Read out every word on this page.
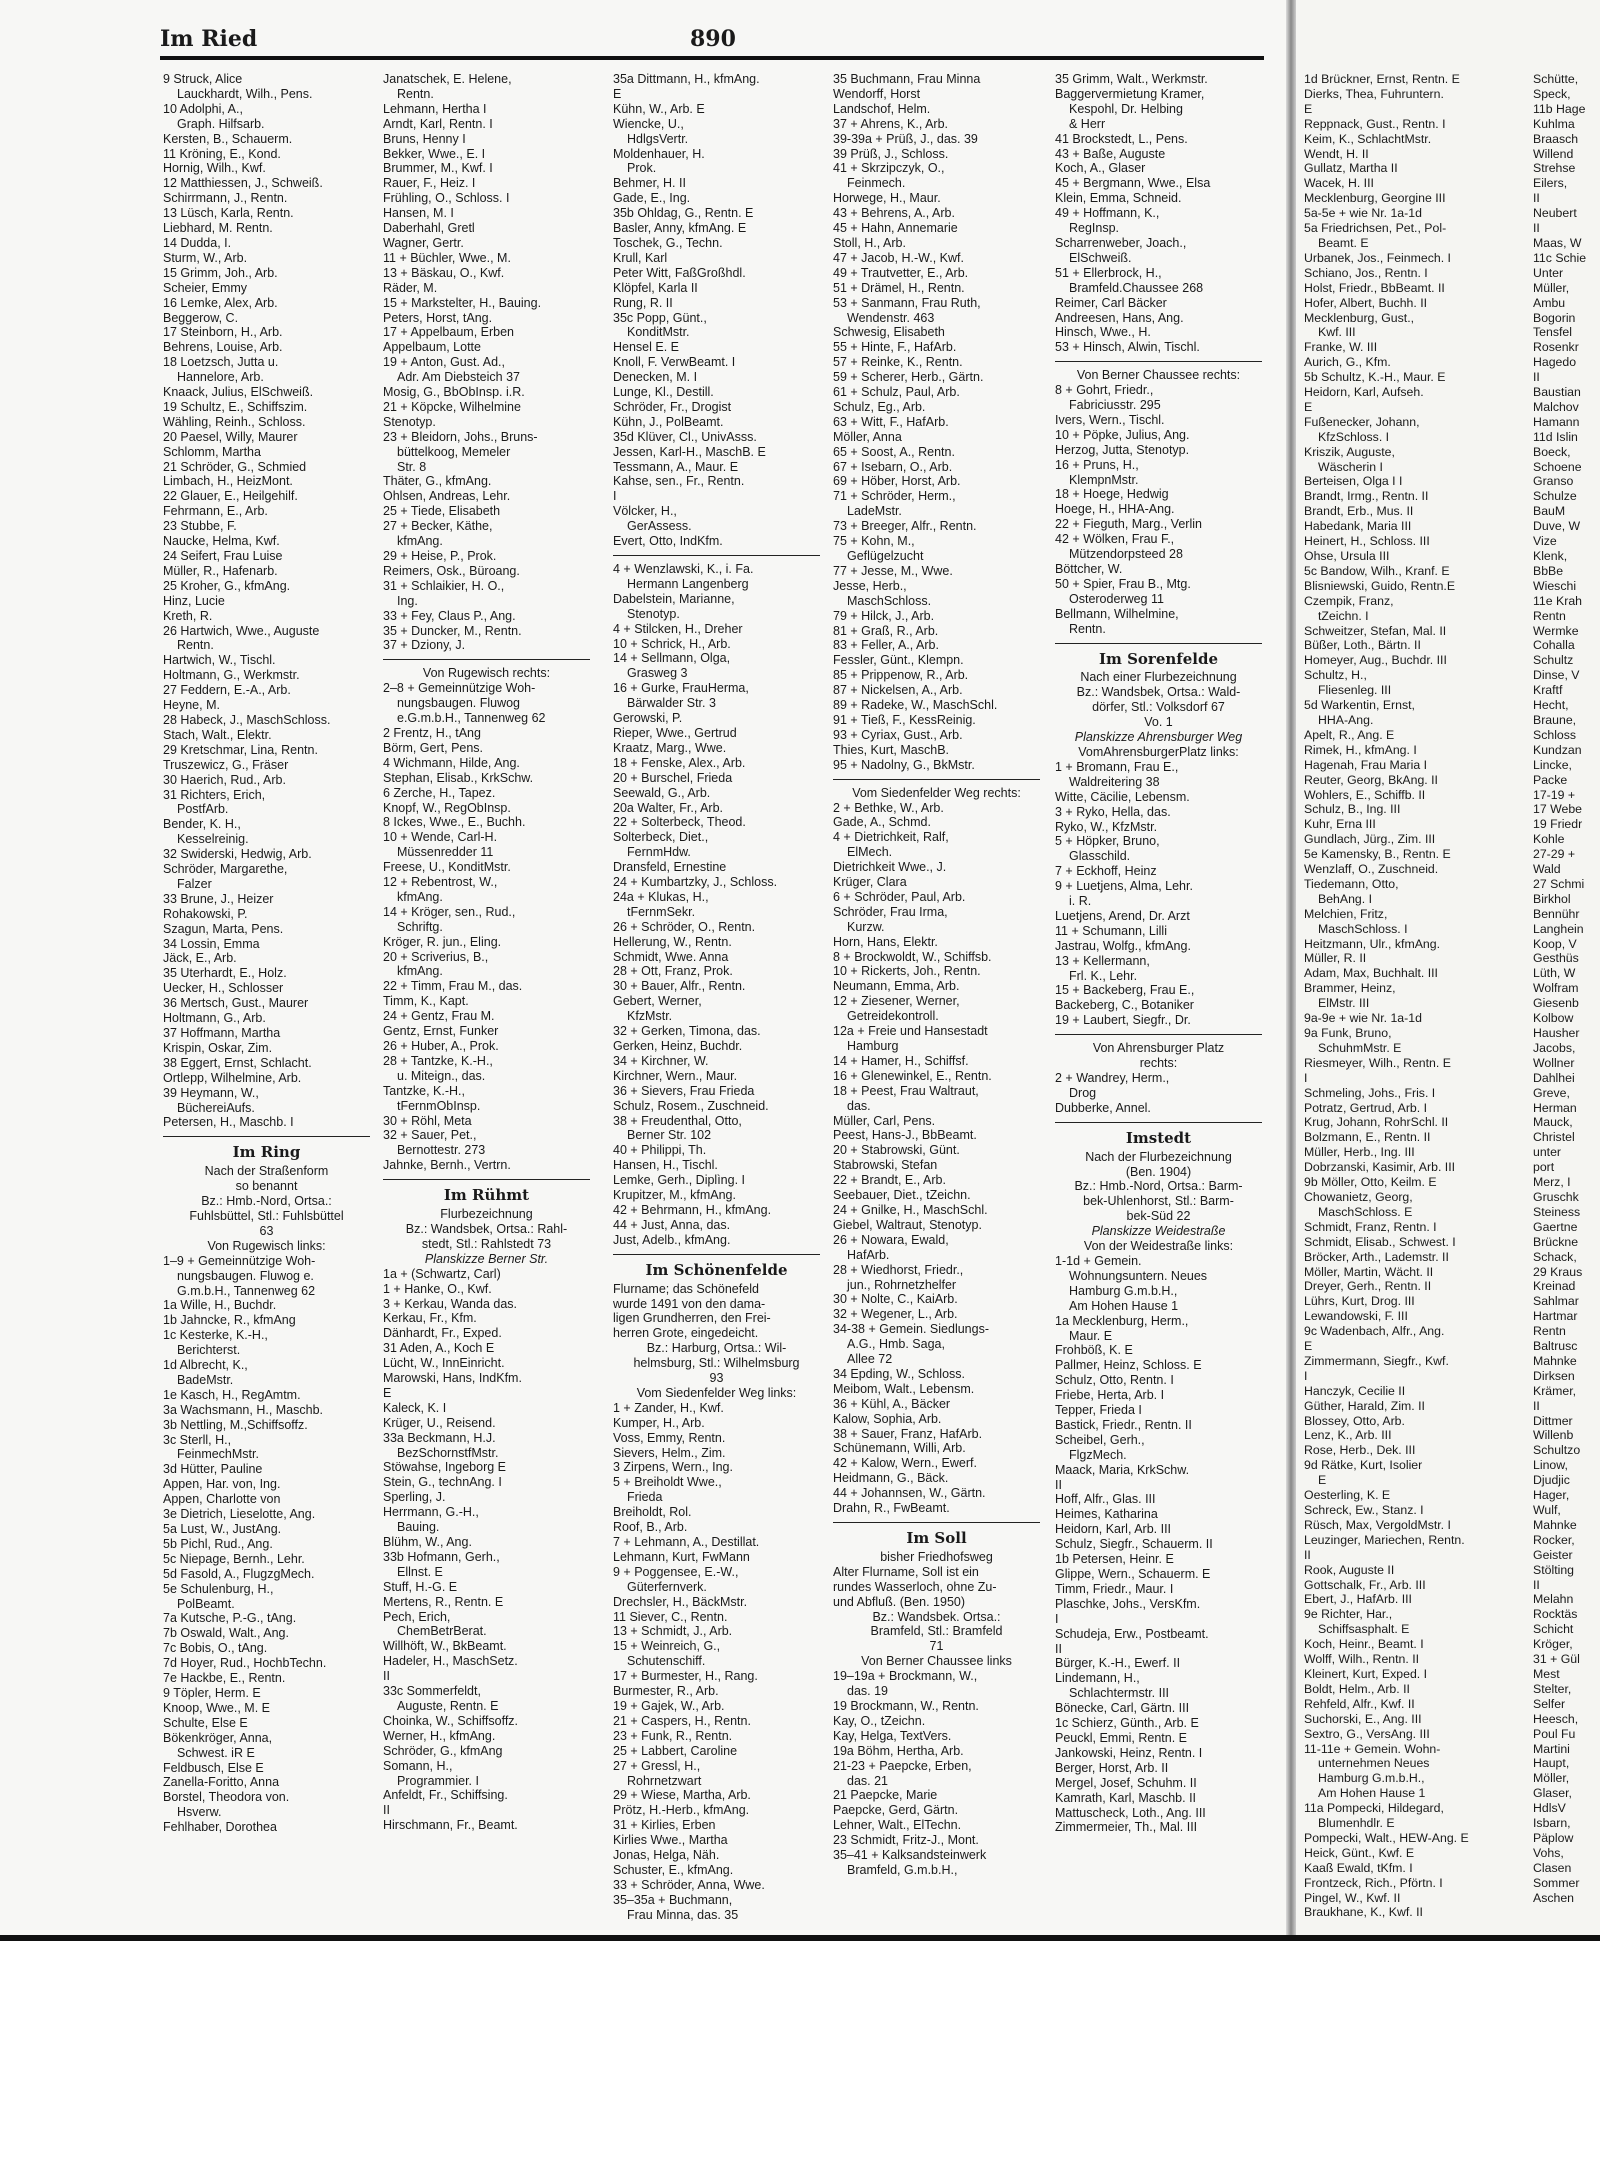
Im Ried	890
9 Struck, Alice
Lauckhardt, Wilh., Pens.
10 Adolphi, A.,
Graph. Hilfsarb.
Kersten, B., Schauerm.
11 Kröning, E., Kond.
Hornig, Wilh., Kwf.
12 Matthiessen, J., Schweiß.
Schirrmann, J., Rentn.
13 Lüsch, Karla, Rentn.
Liebhard, M. Rentn.
14 Dudda, I.
Sturm, W., Arb.
15 Grimm, Joh., Arb.
Scheier, Emmy
16 Lemke, Alex, Arb.
Beggerow, C.
17 Steinborn, H., Arb.
Behrens, Louise, Arb.
18 Loetzsch, Jutta u.
Hannelore, Arb.
Knaack, Julius, ElSchweiß.
19 Schultz, E., Schiffszim.
Wähling, Reinh., Schloss.
20 Paesel, Willy, Maurer
Schlomm, Martha
21 Schröder, G., Schmied
Limbach, H., HeizMont.
22 Glauer, E., Heilgehilf.
Fehrmann, E., Arb.
23 Stubbe, F.
Naucke, Helma, Kwf.
24 Seifert, Frau Luise
Müller, R., Hafenarb.
25 Kroher, G., kfmAng.
Hinz, Lucie
Kreth, R.
26 Hartwich, Wwe., Auguste
Rentn.
Hartwich, W., Tischl.
Holtmann, G., Werkmstr.
27 Feddern, E.-A., Arb.
Heyne, M.
28 Habeck, J., MaschSchloss.
Stach, Walt., Elektr.
29 Kretschmar, Lina, Rentn.
Truszewicz, G., Fräser
30 Haerich, Rud., Arb.
31 Richters, Erich,
PostfArb.
Bender, K. H.,
Kesselreinig.
32 Swiderski, Hedwig, Arb.
Schröder, Margarethe,
Falzer
33 Brune, J., Heizer
Rohakowski, P.
Szagun, Marta, Pens.
34 Lossin, Emma
Jäck, E., Arb.
35 Uterhardt, E., Holz.
Uecker, H., Schlosser
36 Mertsch, Gust., Maurer
Holtmann, G., Arb.
37 Hoffmann, Martha
Krispin, Oskar, Zim.
38 Eggert, Ernst, Schlacht.
Ortlepp, Wilhelmine, Arb.
39 Heymann, W.,
BüchereiAufs.
Petersen, H., Maschb. I
Im Ring
Nach der Straßenform
so benannt
Bz.: Hmb.-Nord, Ortsa.:
Fuhlsbüttel, Stl.: Fuhlsbüttel
63
Von Rugewisch links:
1–9 + Gemeinnützige Woh-
nungsbaugen. Fluwog e.
G.m.b.H., Tannenweg 62
1a Wille, H., Buchdr.
1b Jahncke, R., kfmAng
1c Kesterke, K.-H.,
Berichterst.
1d Albrecht, K.,
BadeMstr.
1e Kasch, H., RegAmtm.
3a Wachsmann, H., Maschb.
3b Nettling, M.,Schiffsoffz.
3c Sterll, H.,
FeinmechMstr.
3d Hütter, Pauline
Appen, Har. von, Ing.
Appen, Charlotte von
3e Dietrich, Lieselotte, Ang.
5a Lust, W., JustAng.
5b Pichl, Rud., Ang.
5c Niepage, Bernh., Lehr.
5d Fasold, A., FlugzgMech.
5e Schulenburg, H.,
PolBeamt.
7a Kutsche, P.-G., tAng.
7b Oswald, Walt., Ang.
7c Bobis, O., tAng.
7d Hoyer, Rud., HochbTechn.
7e Hackbe, E., Rentn.
9 Töpler, Herm. E
Knoop, Wwe., M. E
Schulte, Else E
Bökenkröger, Anna,
Schwest. iR E
Feldbusch, Else E
Zanella-Foritto, Anna
Borstel, Theodora von.
Hsverw.
Fehlhaber, Dorothea
Janatschek, E. Helene,
Rentn.
Lehmann, Hertha I
Arndt, Karl, Rentn. I
Bruns, Henny I
Bekker, Wwe., E. I
Brummer, M., Kwf. I
Rauer, F., Heiz. I
Frühling, O., Schloss. I
Hansen, M. I
Daberhahl, Gretl
Wagner, Gertr.
11 + Büchler, Wwe., M.
13 + Bäskau, O., Kwf.
Räder, M.
15 + Markstelter, H., Bauing.
Peters, Horst, tAng.
17 + Appelbaum, Erben
Appelbaum, Lotte
19 + Anton, Gust. Ad.,
Adr. Am Diebsteich 37
Mosig, G., BbObInsp. i.R.
21 + Köpcke, Wilhelmine
Stenotyp.
23 + Bleidorn, Johs., Bruns-
büttelkoog, Memeler
Str. 8
Thäter, G., kfmAng.
Ohlsen, Andreas, Lehr.
25 + Tiede, Elisabeth
27 + Becker, Käthe,
kfmAng.
29 + Heise, P., Prok.
Reimers, Osk., Büroang.
31 + Schlaikier, H. O.,
Ing.
33 + Fey, Claus P., Ang.
35 + Duncker, M., Rentn.
37 + Dziony, J.
Von Rugewisch rechts:
2–8 + Gemeinnützige Woh-
nungsbaugen. Fluwog
e.G.m.b.H., Tannenweg 62
2 Frentz, H., tAng
Börm, Gert, Pens.
4 Wichmann, Hilde, Ang.
Stephan, Elisab., KrkSchw.
6 Zerche, H., Tapez.
Knopf, W., RegObInsp.
8 Ickes, Wwe., E., Buchh.
10 + Wende, Carl-H.
Müssenredder 11
Freese, U., KonditMstr.
12 + Rebentrost, W.,
kfmAng.
14 + Kröger, sen., Rud.,
Schriftg.
Kröger, R. jun., Eling.
20 + Scriverius, B.,
kfmAng.
22 + Timm, Frau M., das.
Timm, K., Kapt.
24 + Gentz, Frau M.
Gentz, Ernst, Funker
26 + Huber, A., Prok.
28 + Tantzke, K.-H.,
u. Miteign., das.
Tantzke, K.-H.,
tFernmObInsp.
30 + Röhl, Meta
32 + Sauer, Pet.,
Bernottestr. 273
Jahnke, Bernh., Vertrn.
Im Rühmt
Flurbezeichnung
Bz.: Wandsbek, Ortsa.: Rahl-
stedt, Stl.: Rahlstedt 73
Planskizze Berner Str.
1a + (Schwartz, Carl)
1 + Hanke, O., Kwf.
3 + Kerkau, Wanda das.
Kerkau, Fr., Kfm.
Dänhardt, Fr., Exped.
31 Aden, A., Koch E
Lücht, W., InnEinricht.
Marowski, Hans, IndKfm.
E
Kaleck, K. I
Krüger, U., Reisend.
33a Beckmann, H.J.
BezSchornstfMstr.
Stöwahse, Ingeborg E
Stein, G., technAng. I
Sperling, J.
Herrmann, G.-H.,
Bauing.
Blühm, W., Ang.
33b Hofmann, Gerh.,
Ellnst. E
Stuff, H.-G. E
Mertens, R., Rentn. E
Pech, Erich,
ChemBetrBerat.
Willhöft, W., BkBeamt.
Hadeler, H., MaschSetz.
II
33c Sommerfeldt,
Auguste, Rentn. E
Choinka, W., Schiffsoffz.
Werner, H., kfmAng.
Schröder, G., kfmAng
Somann, H.,
Programmier. I
Anfeldt, Fr., Schiffsing.
II
Hirschmann, Fr., Beamt.
35a Dittmann, H., kfmAng.
E
Kühn, W., Arb. E
Wiencke, U.,
HdlgsVertr.
Moldenhauer, H.
Prok.
Behmer, H. II
Gade, E., Ing.
35b Ohldag, G., Rentn. E
Basler, Anny, kfmAng. E
Toschek, G., Techn.
Krull, Karl
Peter Witt, FaßGroßhdl.
Klöpfel, Karla II
Rung, R. II
35c Popp, Günt.,
KonditMstr.
Hensel E. E
Knoll, F. VerwBeamt. I
Denecken, M. I
Lunge, Kl., Destill.
Schröder, Fr., Drogist
Kühn, J., PolBeamt.
35d Klüver, Cl., UnivAsss.
Jessen, Karl-H., MaschB. E
Tessmann, A., Maur. E
Kahse, sen., Fr., Rentn.
I
Völcker, H.,
GerAssess.
Evert, Otto, IndKfm.
4 + Wenzlawski, K., i. Fa.
Hermann Langenberg
Dabelstein, Marianne,
Stenotyp.
4 + Stilcken, H., Dreher
10 + Schrick, H., Arb.
14 + Sellmann, Olga,
Grasweg 3
16 + Gurke, FrauHerma,
Bärwalder Str. 3
Gerowski, P.
Rieper, Wwe., Gertrud
Kraatz, Marg., Wwe.
18 + Fenske, Alex., Arb.
20 + Burschel, Frieda
Seewald, G., Arb.
20a Walter, Fr., Arb.
22 + Solterbeck, Theod.
Solterbeck, Diet.,
FernmHdw.
Dransfeld, Ernestine
24 + Kumbartzky, J., Schloss.
24a + Klukas, H.,
tFernmSekr.
26 + Schröder, O., Rentn.
Hellerung, W., Rentn.
Schmidt, Wwe. Anna
28 + Ott, Franz, Prok.
30 + Bauer, Alfr., Rentn.
Gebert, Werner,
KfzMstr.
32 + Gerken, Timona, das.
Gerken, Heinz, Buchdr.
34 + Kirchner, W.
Kirchner, Wern., Maur.
36 + Sievers, Frau Frieda
Schulz, Rosem., Zuschneid.
38 + Freudenthal, Otto,
Berner Str. 102
40 + Philippi, Th.
Hansen, H., Tischl.
Lemke, Gerh., Diplìng. I
Krupitzer, M., kfmAng.
42 + Behrmann, H., kfmAng.
44 + Just, Anna, das.
Just, Adelb., kfmAng.
Im Schönenfelde
Flurname; das Schönefeld
wurde 1491 von den dama-
ligen Grundherren, den Frei-
herren Grote, eingedeicht.
Bz.: Harburg, Ortsa.: Wil-
helmsburg, Stl.: Wilhelmsburg
93
Vom Siedenfelder Weg links:
1 + Zander, H., Kwf.
Kumper, H., Arb.
Voss, Emmy, Rentn.
Sievers, Helm., Zim.
3 Zirpens, Wern., Ing.
5 + Breiholdt Wwe.,
Frieda
Breiholdt, Rol.
Roof, B., Arb.
7 + Lehmann, A., Destillat.
Lehmann, Kurt, FwMann
9 + Poggensee, E.-W.,
Güterfernverk.
Drechsler, H., BäckMstr.
11 Siever, C., Rentn.
13 + Schmidt, J., Arb.
15 + Weinreich, G.,
Schutenschiff.
17 + Burmester, H., Rang.
Burmester, R., Arb.
19 + Gajek, W., Arb.
21 + Caspers, H., Rentn.
23 + Funk, R., Rentn.
25 + Labbert, Caroline
27 + Gressl, H.,
Rohrnetzwart
29 + Wiese, Martha, Arb.
Prötz, H.-Herb., kfmAng.
31 + Kirlies, Erben
Kirlies Wwe., Martha
Jonas, Helga, Näh.
Schuster, E., kfmAng.
33 + Schröder, Anna, Wwe.
35–35a + Buchmann,
Frau Minna, das. 35
35 Buchmann, Frau Minna
Wendorff, Horst
Landschof, Helm.
37 + Ahrens, K., Arb.
39-39a + Prüß, J., das. 39
39 Prüß, J., Schloss.
41 + Skrzipczyk, O.,
Feinmech.
Horwege, H., Maur.
43 + Behrens, A., Arb.
45 + Hahn, Annemarie
Stoll, H., Arb.
47 + Jacob, H.-W., Kwf.
49 + Trautvetter, E., Arb.
51 + Drämel, H., Rentn.
53 + Sanmann, Frau Ruth,
Wendenstr. 463
Schwesig, Elisabeth
55 + Hinte, F., HafArb.
57 + Reinke, K., Rentn.
59 + Scherer, Herb., Gärtn.
61 + Schulz, Paul, Arb.
Schulz, Eg., Arb.
63 + Witt, F., HafArb.
Möller, Anna
65 + Soost, A., Rentn.
67 + Isebarn, O., Arb.
69 + Höber, Horst, Arb.
71 + Schröder, Herm.,
LadeMstr.
73 + Breeger, Alfr., Rentn.
75 + Kohn, M.,
Geflügelzucht
77 + Jesse, M., Wwe.
Jesse, Herb.,
MaschSchloss.
79 + Hilck, J., Arb.
81 + Graß, R., Arb.
83 + Feller, A., Arb.
Fessler, Günt., Klempn.
85 + Prippenow, R., Arb.
87 + Nickelsen, A., Arb.
89 + Radeke, W., MaschSchl.
91 + Tieß, F., KessReinig.
93 + Cyriax, Gust., Arb.
Thies, Kurt, MaschB.
95 + Nadolny, G., BkMstr.
Vom Siedenfelder Weg rechts:
2 + Bethke, W., Arb.
Gade, A., Schmd.
4 + Dietrichkeit, Ralf,
ElMech.
Dietrichkeit Wwe., J.
Krüger, Clara
6 + Schröder, Paul, Arb.
Schröder, Frau Irma,
Kurzw.
Horn, Hans, Elektr.
8 + Brockwoldt, W., Schiffsb.
10 + Rickerts, Joh., Rentn.
Neumann, Emma, Arb.
12 + Ziesener, Werner,
Getreidekontroll.
12a + Freie und Hansestadt
Hamburg
14 + Hamer, H., Schiffsf.
16 + Glenewinkel, E., Rentn.
18 + Peest, Frau Waltraut,
das.
Müller, Carl, Pens.
Peest, Hans-J., BbBeamt.
20 + Stabrowski, Günt.
Stabrowski, Stefan
22 + Brandt, E., Arb.
Seebauer, Diet., tZeichn.
24 + Gnilke, H., MaschSchl.
Giebel, Waltraut, Stenotyp.
26 + Nowara, Ewald,
HafArb.
28 + Wiedhorst, Friedr.,
jun., Rohrnetzhelfer
30 + Nolte, C., KaiArb.
32 + Wegener, L., Arb.
34-38 + Gemein. Siedlungs-
A.G., Hmb. Saga,
Allee 72
34 Epding, W., Schloss.
Meibom, Walt., Lebensm.
36 + Kühl, A., Bäcker
Kalow, Sophia, Arb.
38 + Sauer, Franz, HafArb.
Schünemann, Willi, Arb.
42 + Kalow, Wern., Ewerf.
Heidmann, G., Bäck.
44 + Johannsen, W., Gärtn.
Drahn, R., FwBeamt.
Im Soll
bisher Friedhofsweg
Alter Flurname, Soll ist ein
rundes Wasserloch, ohne Zu-
und Abfluß. (Ben. 1950)
Bz.: Wandsbek. Ortsa.:
Bramfeld, Stl.: Bramfeld
71
Von Berner Chaussee links
19–19a + Brockmann, W.,
das. 19
19 Brockmann, W., Rentn.
Kay, O., tZeichn.
Kay, Helga, TextVers.
19a Böhm, Hertha, Arb.
21-23 + Paepcke, Erben,
das. 21
21 Paepcke, Marie
Paepcke, Gerd, Gärtn.
Lehner, Walt., ElTechn.
23 Schmidt, Fritz-J., Mont.
35–41 + Kalksandsteinwerk
Bramfeld, G.m.b.H.,
35 Grimm, Walt., Werkmstr.
Baggervermietung Kramer,
Kespohl, Dr. Helbing
& Herr
41 Brockstedt, L., Pens.
43 + Baße, Auguste
Koch, A., Glaser
45 + Bergmann, Wwe., Elsa
Klein, Emma, Schneid.
49 + Hoffmann, K.,
RegInsp.
Scharrenweber, Joach.,
ElSchweiß.
51 + Ellerbrock, H.,
Bramfeld.Chaussee 268
Reimer, Carl Bäcker
Andreesen, Hans, Ang.
Hinsch, Wwe., H.
53 + Hinsch, Alwin, Tischl.
Von Berner Chaussee rechts:
8 + Gohrt, Friedr.,
Fabriciusstr. 295
Ivers, Wern., Tischl.
10 + Pöpke, Julius, Ang.
Herzog, Jutta, Stenotyp.
16 + Pruns, H.,
KlempnMstr.
18 + Hoege, Hedwig
Hoege, H., HHA-Ang.
22 + Fieguth, Marg., Verlin
42 + Wölken, Frau F.,
Mützendorpsteed 28
Böttcher, W.
50 + Spier, Frau B., Mtg.
Osteroderweg 11
Bellmann, Wilhelmine,
Rentn.
Im Sorenfelde
Nach einer Flurbezeichnung
Bz.: Wandsbek, Ortsa.: Wald-
dörfer, Stl.: Volksdorf 67
Vo. 1
Planskizze Ahrensburger Weg
VomAhrensburgerPlatz links:
1 + Bromann, Frau E.,
Waldreitering 38
Witte, Cäcilie, Lebensm.
3 + Ryko, Hella, das.
Ryko, W., KfzMstr.
5 + Höpker, Bruno,
Glasschild.
7 + Eckhoff, Heinz
9 + Luetjens, Alma, Lehr.
i. R.
Luetjens, Arend, Dr. Arzt
11 + Schumann, Lilli
Jastrau, Wolfg., kfmAng.
13 + Kellermann,
Frl. K., Lehr.
15 + Backeberg, Frau E.,
Backeberg, C., Botaniker
19 + Laubert, Siegfr., Dr.
Von Ahrensburger Platz
rechts:
2 + Wandrey, Herm.,
Drog
Dubberke, Annel.
Imstedt
Nach der Flurbezeichnung
(Ben. 1904)
Bz.: Hmb.-Nord, Ortsa.: Barm-
bek-Uhlenhorst, Stl.: Barm-
bek-Süd 22
Planskizze Weidestraße
Von der Weidestraße links:
1-1d + Gemein.
Wohnungsuntern. Neues
Hamburg G.m.b.H.,
Am Hohen Hause 1
1a Mecklenburg, Herm.,
Maur. E
Frohböß, K. E
Pallmer, Heinz, Schloss. E
Schulz, Otto, Rentn. I
Friebe, Herta, Arb. I
Tepper, Frieda I
Bastick, Friedr., Rentn. II
Scheibel, Gerh.,
FlgzMech.
Maack, Maria, KrkSchw.
II
Hoff, Alfr., Glas. III
Heimes, Katharina
Heidorn, Karl, Arb. III
Schulz, Siegfr., Schauerm. II
1b Petersen, Heinr. E
Glippe, Wern., Schauerm. E
Timm, Friedr., Maur. I
Plaschke, Johs., VersKfm.
I
Schudeja, Erw., Postbeamt.
II
Bürger, K.-H., Ewerf. II
Lindemann, H.,
Schlachtermstr. III
Bönecke, Carl, Gärtn. III
1c Schierz, Günth., Arb. E
Peuckl, Emmi, Rentn. E
Jankowski, Heinz, Rentn. I
Berger, Horst, Arb. II
Mergel, Josef, Schuhm. II
Kamrath, Karl, Maschb. II
Mattuscheck, Loth., Ang. III
Zimmermeier, Th., Mal. III
1d Brückner, Ernst, Rentn. E
Dierks, Thea, Fuhruntern.
E
Reppnack, Gust., Rentn. I
Keim, K., SchlachtMstr.
Wendt, H. II
Gullatz, Martha II
Wacek, H. III
Mecklenburg, Georgine III
5a-5e + wie Nr. 1a-1d
5a Friedrichsen, Pet., Pol-
Beamt. E
Urbanek, Jos., Feinmech. I
Schiano, Jos., Rentn. I
Holst, Friedr., BbBeamt. II
Hofer, Albert, Buchh. II
Mecklenburg, Gust.,
Kwf. III
Franke, W. III
Aurich, G., Kfm.
5b Schultz, K.-H., Maur. E
Heidorn, Karl, Aufseh.
E
Fußenecker, Johann,
KfzSchloss. I
Kriszik, Auguste,
Wäscherin I
Berteisen, Olga I I
Brandt, Irmg., Rentn. II
Brandt, Erb., Mus. II
Habedank, Maria III
Heinert, H., Schloss. III
Ohse, Ursula III
5c Bandow, Wilh., Kranf. E
Blisniewski, Guido, Rentn.E
Czempik, Franz,
tZeichn. I
Schweitzer, Stefan, Mal. II
Büßer, Loth., Bärtn. II
Homeyer, Aug., Buchdr. III
Schultz, H.,
Fliesenleg. III
5d Warkentin, Ernst,
HHA-Ang.
Apelt, R., Ang. E
Rimek, H., kfmAng. I
Hagenah, Frau Maria I
Reuter, Georg, BkAng. II
Wohlers, E., Schiffb. II
Schulz, B., Ing. III
Kuhr, Erna III
Gundlach, Jürg., Zim. III
5e Kamensky, B., Rentn. E
Wenzlaff, O., Zuschneid.
Tiedemann, Otto,
BehAng. I
Melchien, Fritz,
MaschSchloss. I
Heitzmann, Ulr., kfmAng.
Müller, R. II
Adam, Max, Buchhalt. III
Brammer, Heinz,
ElMstr. III
9a-9e + wie Nr. 1a-1d
9a Funk, Bruno,
SchuhmMstr. E
Riesmeyer, Wilh., Rentn. E
I
Schmeling, Johs., Fris. I
Potratz, Gertrud, Arb. I
Krug, Johann, RohrSchl. II
Bolzmann, E., Rentn. II
Müller, Herb., Ing. III
Dobrzanski, Kasimir, Arb. III
9b Möller, Otto, Keilm. E
Chowanietz, Georg,
MaschSchloss. E
Schmidt, Franz, Rentn. I
Schmidt, Elisab., Schwest. I
Bröcker, Arth., Lademstr. II
Möller, Martin, Wächt. II
Dreyer, Gerh., Rentn. II
Lührs, Kurt, Drog. III
Lewandowski, F. III
9c Wadenbach, Alfr., Ang.
E
Zimmermann, Siegfr., Kwf.
I
Hanczyk, Cecilie II
Güther, Harald, Zim. II
Blossey, Otto, Arb.
Lenz, K., Arb. III
Rose, Herb., Dek. III
9d Rätke, Kurt, Isolier
E
Oesterling, K. E
Schreck, Ew., Stanz. I
Rüsch, Max, VergoldMstr. I
Leuzinger, Mariechen, Rentn.
II
Rook, Auguste II
Gottschalk, Fr., Arb. III
Ebert, J., HafArb. III
9e Richter, Har.,
Schiffsasphalt. E
Koch, Heinr., Beamt. I
Wolff, Wilh., Rentn. II
Kleinert, Kurt, Exped. I
Boldt, Helm., Arb. II
Rehfeld, Alfr., Kwf. II
Suchorski, E., Ang. III
Sextro, G., VersAng. III
11-11e + Gemein. Wohn-
unternehmen Neues
Hamburg G.m.b.H.,
Am Hohen Hause 1
11a Pompecki, Hildegard,
Blumenhdlr. E
Pompecki, Walt., HEW-Ang. E
Heick, Günt., Kwf. E
Kaaß Ewald, tKfm. I
Frontzeck, Rich., Pförtn. I
Pingel, W., Kwf. II
Braukhane, K., Kwf. II
Schütte,
Speck,
11b Hage
Kuhlma
Braasch
Willend
Strehse
Eilers,
II
Neubert
II
Maas, W
11c Schie
Unter
Müller,
Ambu
Bogorin
Tensfel
Rosenkr
Hagedo
II
Baustian
Malchov
Hamann
11d Islin
Boeck,
Schoene
Granso
Schulze
BauM
Duve, W
Vize
Klenk,
BbBe
Wieschi
11e Krah
Rentn
Wermke
Cohalla
Schultz
Dinse, V
Kraftf
Hecht,
Braune,
Schloss
Kundzan
Lincke,
Packe
17-19 +
17 Webe
19 Friedr
Kohle
27-29 +
Wald
27 Schmi
Birkhol
Bennühr
Langhein
Koop, V
Gesthüs
Lüth, W
Wolfram
Giesenb
Kolbow
Hausher
Jacobs,
Wollner
Dahlhei
Greve,
Herman
Mauck,
Christel
unter
port
Merz, I
Gruschk
Steiness
Gaertne
Brückne
Schack,
29 Kraus
Kreinad
Sahlmar
Hartmar
Rentn
Baltrusc
Mahnke
Dirksen
Krämer,
II
Dittmer
Willenb
Schultzo
Linow,
Djudjic
Hager,
Wulf,
Mahnke
Rocker,
Geister
Stölting
II
Melahn
Rocktäs
Schicht
Kröger,
31 + Gül
Mest
Stelter,
Selfer
Heesch,
Poul Fu
Martini
Haupt,
Möller,
Glaser,
HdlsV
Isbarn,
Päplow
Vohs,
Clasen
Sommer
Aschen
